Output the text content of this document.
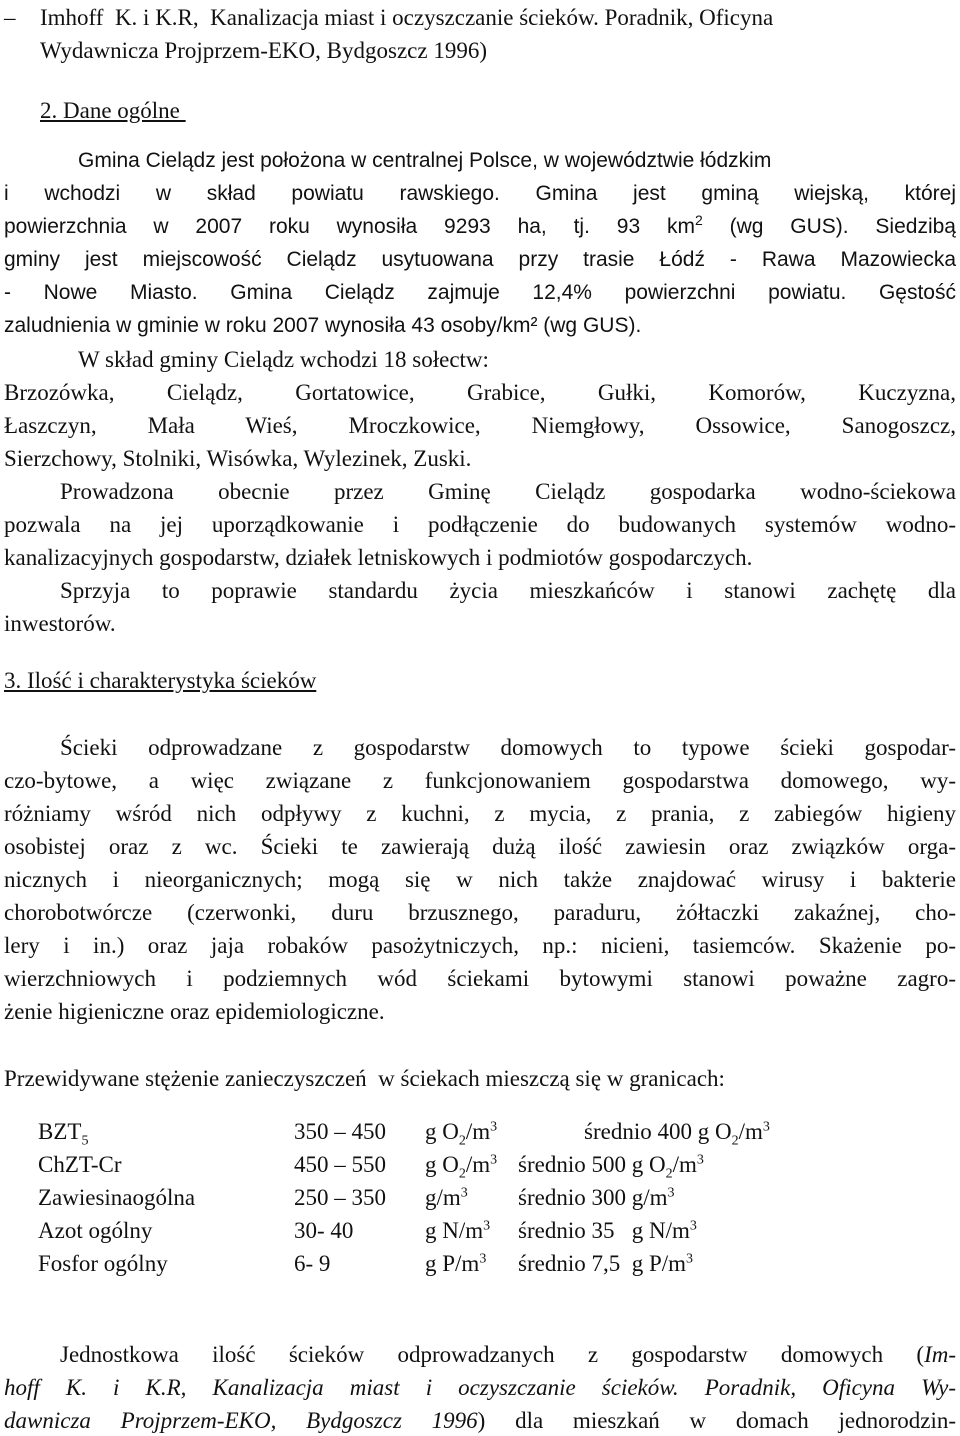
– Imhoff  K. i K.R,  Kanalizacja miast i oczyszczanie ścieków. Poradnik, Oficyna
Wydawnicza Projprzem-EKO, Bydgoszcz 1996)
2. Dane ogólne
Gmina Cielądz jest położona w centralnej Polsce, w województwie łódzkim
i wchodzi w skład powiatu rawskiego. Gmina jest gminą wiejską, której
powierzchnia w 2007 roku wynosiła 9293 ha, tj. 93 $km^2$ (wg GUS). Siedzibą
gminy jest miejscowość Cielądz usytuowana przy trasie Łódź - Rawa Mazowiecka
- Nowe Miasto. Gmina Cielądz zajmuje 12,4% powierzchni powiatu. Gęstość
zaludnienia w gminie w roku 2007 wynosiła 43 osoby/km² (wg GUS).
W skład gminy Cielądz wchodzi 18 sołectw:
Brzozówka, Cielądz, Gortatowice, Grabice, Gułki, Komorów, Kuczyzna,
Łaszczyn, Mała Wieś, Mroczkowice, Niemgłowy, Ossowice, Sanogoszcz,
Sierzchowy, Stolniki, Wisówka, Wylezinek, Zuski.
Prowadzona obecnie przez Gminę Cielądz gospodarka wodno-ściekowa
pozwala na jej uporządkowanie i podłączenie do budowanych systemów wodno-
kanalizacyjnych gospodarstw, działek letniskowych i podmiotów gospodarczych.
Sprzyja to poprawie standardu życia mieszkańców i stanowi zachętę dla
inwestorów.
3. Ilość i charakterystyka ścieków
Ścieki odprowadzane z gospodarstw domowych to typowe ścieki gospodar-
czo-bytowe, a więc związane z funkcjonowaniem gospodarstwa domowego, wy-
różniamy wśród nich odpływy z kuchni, z mycia, z prania, z zabiegów higieny
osobistej oraz z wc. Ścieki te zawierają dużą ilość zawiesin oraz związków orga-
nicznych i nieorganicznych; mogą się w nich także znajdować wirusy i bakterie
chorobotwórcze (czerwonki, duru brzusznego, paraduru, żółtaczki zakaźnej, cho-
lery i in.) oraz jaja robaków pasożytniczych, np.: nicieni, tasiemców. Skażenie po-
wierzchniowych i podziemnych wód ściekami bytowymi stanowi poważne zagro-
żenie higieniczne oraz epidemiologiczne.
Przewidywane stężenie zanieczyszczeń  w ściekach mieszczą się w granicach:
$BZT_5$	350 – 450 g $O_2/m^3$	średnio 400 g $O_2/m^3$
ChZT-Cr	450 – 550 g $O_2/m^3$ średnio 500 g $O_2/m^3$
Zawiesinaogólna	250 – 350 $g/m^3$ średnio 300 $g/m^3$
Azot ogólny	30- 40	g $N/m^3$ średnio 35   g $N/m^3$
Fosfor ogólny	6- 9	g $P/m^3$ średnio 7,5  g $P/m^3$
Jednostkowa ilość ścieków odprowadzanych z gospodarstw domowych (Im-
hoff K. i K.R, Kanalizacja miast i oczyszczanie ścieków. Poradnik, Oficyna Wy-
dawnicza Projprzem-EKO, Bydgoszcz 1996) dla mieszkań w domach jednorodzin-
